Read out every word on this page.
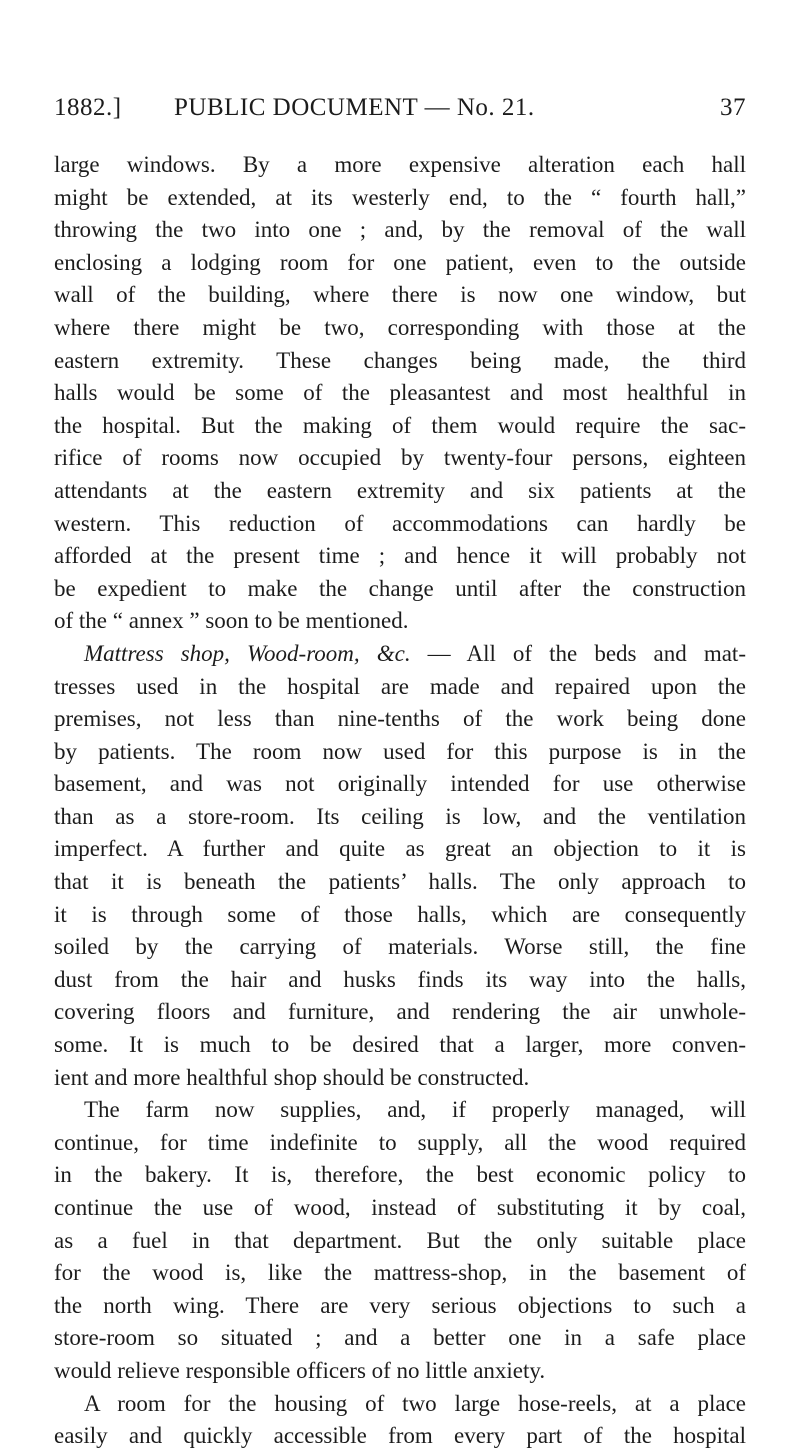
1882.] PUBLIC DOCUMENT — No. 21.	37
large windows. By a more expensive alteration each hall
might be extended, at its westerly end, to the “ fourth hall,”
throwing the two into one ; and, by the removal of the wall
enclosing a lodging room for one patient, even to the outside
wall of the building, where there is now one window, but
where there might be two, corresponding with those at the
eastern extremity. These changes being made, the third
halls would be some of the pleasantest and most healthful in
the hospital. But the making of them would require the sac-
rifice of rooms now occupied by twenty-four persons, eighteen
attendants at the eastern extremity and six patients at the
western. This reduction of accommodations can hardly be
afforded at the present time ; and hence it will probably not
be expedient to make the change until after the construction
of the “ annex ” soon to be mentioned.
Mattress shop, Wood-room, &c. — All of the beds and mat-
tresses used in the hospital are made and repaired upon the
premises, not less than nine-tenths of the work being done
by patients. The room now used for this purpose is in the
basement, and was not originally intended for use otherwise
than as a store-room. Its ceiling is low, and the ventilation
imperfect. A further and quite as great an objection to it is
that it is beneath the patients’ halls. The only approach to
it is through some of those halls, which are consequently
soiled by the carrying of materials. Worse still, the fine
dust from the hair and husks finds its way into the halls,
covering floors and furniture, and rendering the air unwhole-
some. It is much to be desired that a larger, more conven-
ient and more healthful shop should be constructed.
The farm now supplies, and, if properly managed, will
continue, for time indefinite to supply, all the wood required
in the bakery. It is, therefore, the best economic policy to
continue the use of wood, instead of substituting it by coal,
as a fuel in that department. But the only suitable place
for the wood is, like the mattress-shop, in the basement of
the north wing. There are very serious objections to such a
store-room so situated ; and a better one in a safe place
would relieve responsible officers of no little anxiety.
A room for the housing of two large hose-reels, at a place
easily and quickly accessible from every part of the hospital
